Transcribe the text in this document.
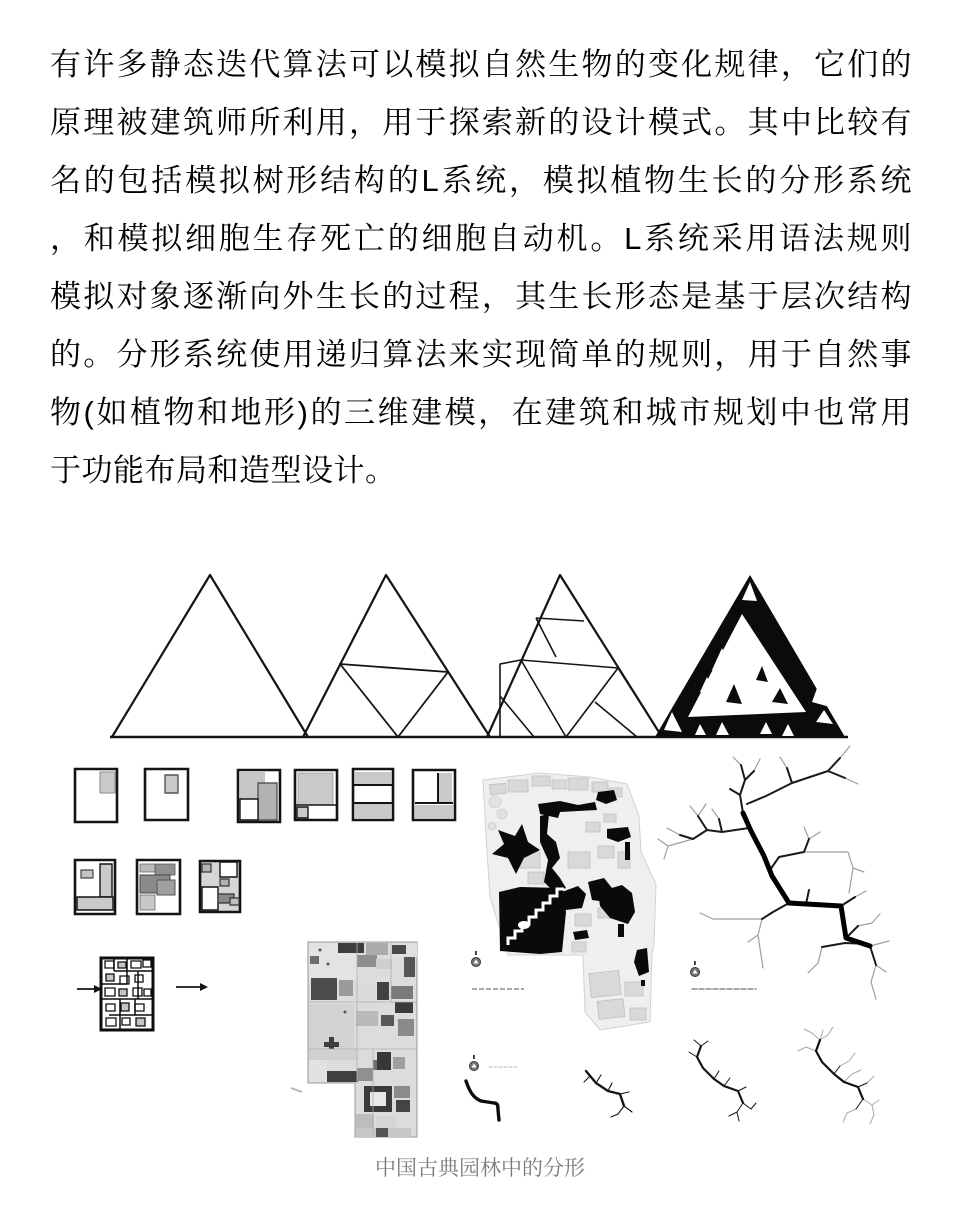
有许多静态迭代算法可以模拟自然生物的变化规律，它们的
原理被建筑师所利用，用于探索新的设计模式。其中比较有
名的包括模拟树形结构的L系统，模拟植物生长的分形系统
，和模拟细胞生存死亡的细胞自动机。L系统采用语法规则
模拟对象逐渐向外生长的过程，其生长形态是基于层次结构
的。分形系统使用递归算法来实现简单的规则，用于自然事
物(如植物和地形)的三维建模，在建筑和城市规划中也常用
于功能布局和造型设计。
中国古典园林中的分形
